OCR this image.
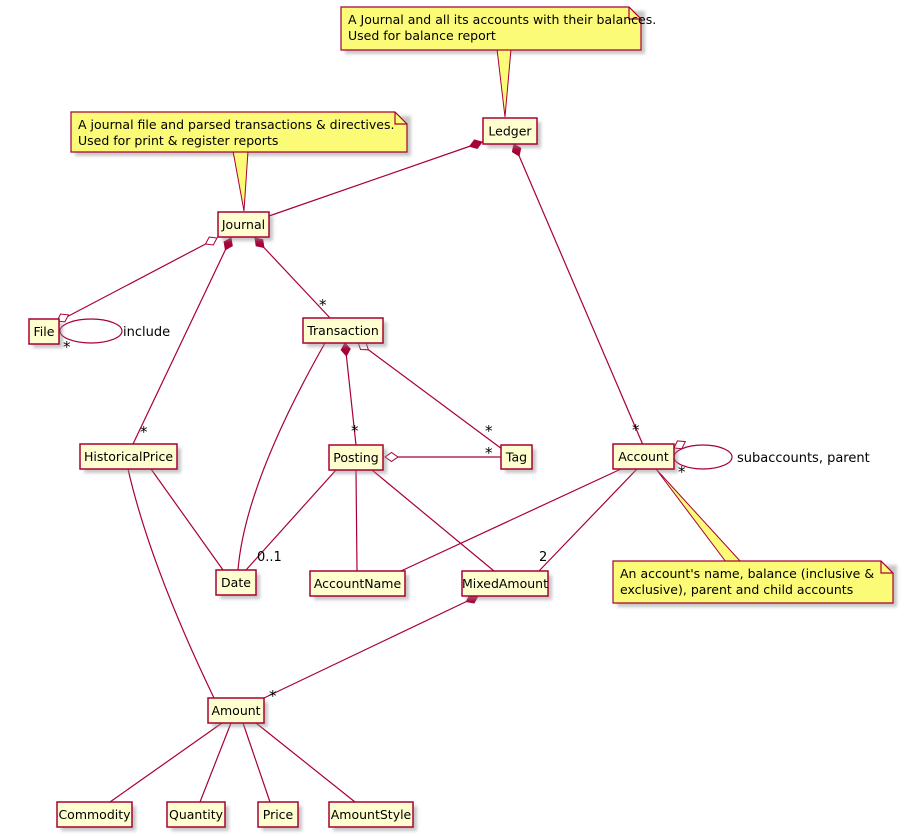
A Journal and all its accounts with their balances.
Used for balance report
A journal file and parsed transactions & directives.
Used for print & register reports
An account's name, balance (inclusive &
exclusive), parent and child accounts
Ledger
Journal
File	Transaction
HistoricalPrice	Posting	Tag	Account
Date	AccountName	MixedAmount
Amount
Commodity	Quantity	Price	AmountStyle
*
*
*
*	*
*
*
*
*
0..1	2
include
subaccounts, parent
